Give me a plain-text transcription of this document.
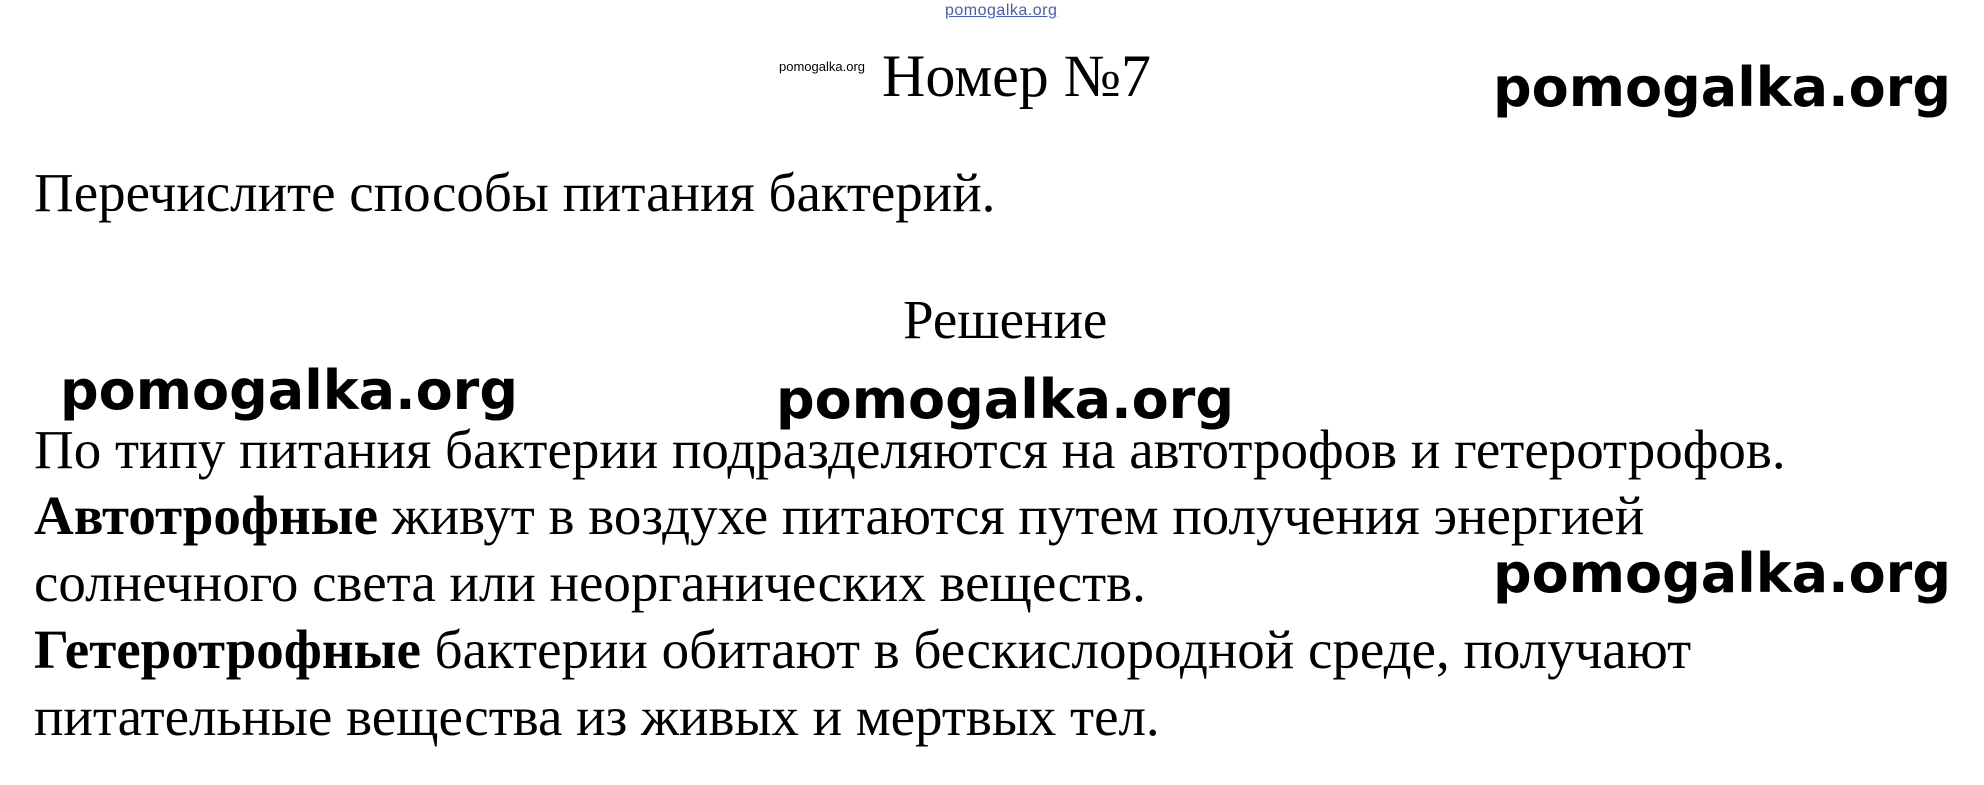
pomogalka.org
pomogalka.org Номер №7	pomogalka.org
Перечислите способы питания бактерий.
Решение
pomogalka.org	pomogalka.org
По типу питания бактерии подразделяются на автотрофов и гетеротрофов.
Автотрофные живут в воздухе питаются путем получения энергией
солнечного света или неорганических веществ.	pomogalka.org
Гетеротрофные бактерии обитают в бескислородной среде, получают
питательные вещества из живых и мертвых тел.
